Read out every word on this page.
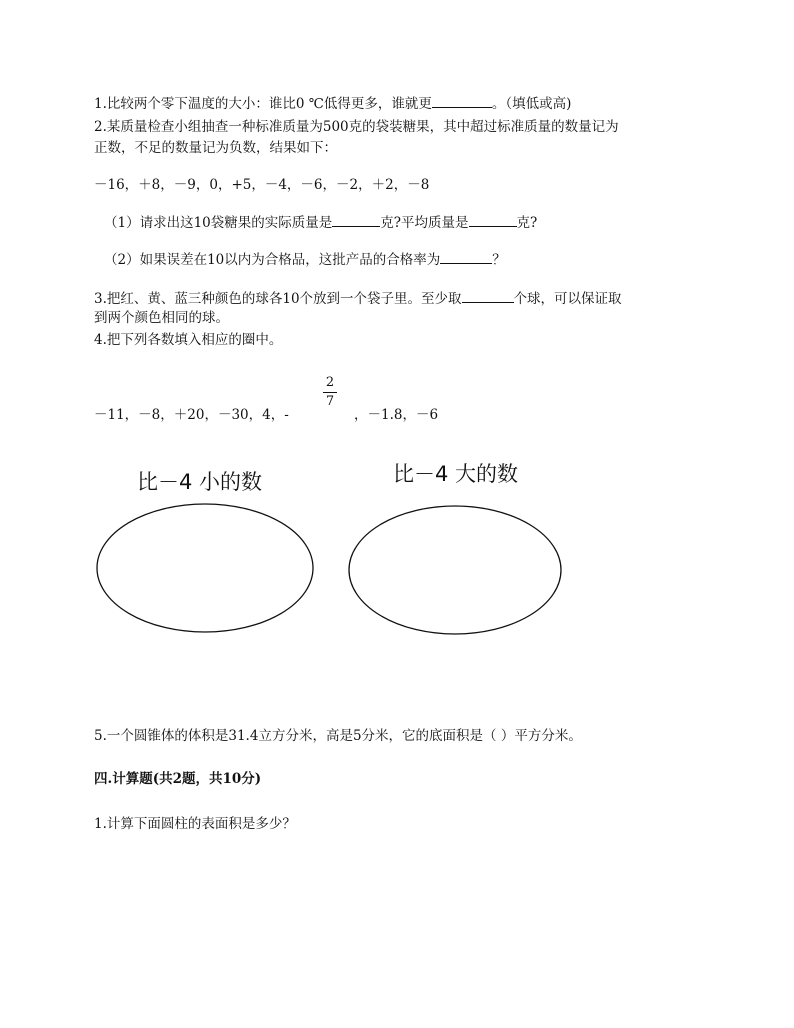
1.比较两个零下温度的大小：谁比0 ℃低得更多，谁就更	。（填低或高)
2.某质量检查小组抽查一种标准质量为500克的袋装糖果，其中超过标准质量的数量记为
正数，不足的数量记为负数，结果如下：
－16，＋8，－9，0，+5，－4，－6，－2，＋2，－8
（1）请求出这10袋糖果的实际质量是	克?平均质量是	克?
（2）如果误差在10以内为合格品，这批产品的合格率为	？
3.把红、黄、蓝三种颜色的球各10个放到一个袋子里。至少取	个球，可以保证取
到两个颜色相同的球。
4.把下列各数填入相应的圈中。
－11，－8，＋20，－30，4，-
2
7
，－1.8，－6
比－4 小的数	比－4 大的数
5.一个圆锥体的体积是31.4立方分米，高是5分米，它的底面积是（ ）平方分米。
四.计算题(共2题，共10分)
1.计算下面圆柱的表面积是多少？
